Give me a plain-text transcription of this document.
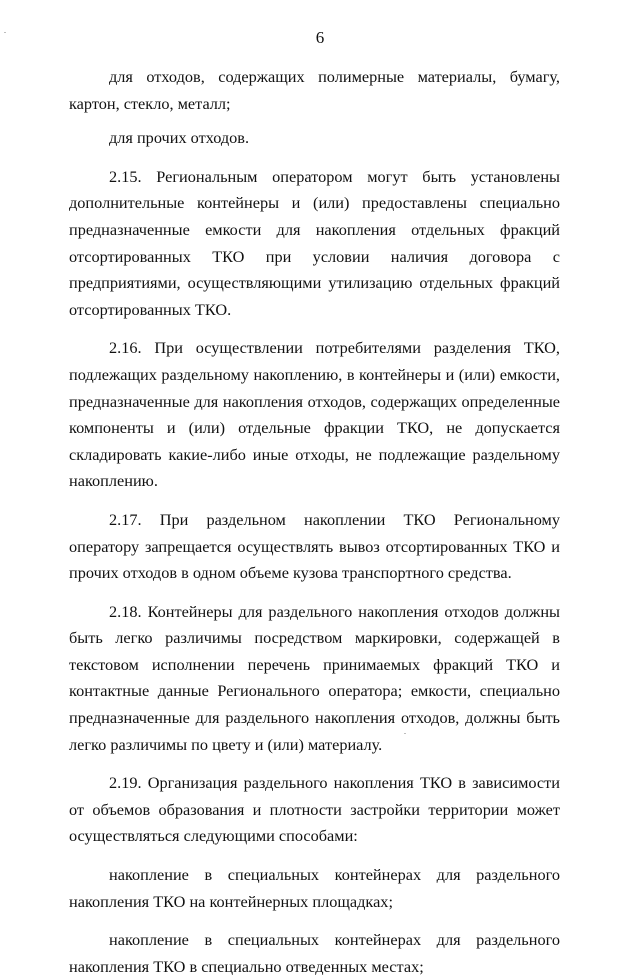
6

для отходов, содержащих полимерные материалы, бумагу, картон, стекло, металл;

для прочих отходов.

2.15. Региональным оператором могут быть установлены дополнительные контейнеры и (или) предоставлены специально предназначенные емкости для накопления отдельных фракций отсортированных ТКО при условии наличия договора с предприятиями, осуществляющими утилизацию отдельных фракций отсортированных ТКО.

2.16. При осуществлении потребителями разделения ТКО, подлежащих раздельному накоплению, в контейнеры и (или) емкости, предназначенные для накопления отходов, содержащих определенные компоненты и (или) отдельные фракции ТКО, не допускается складировать какие-либо иные отходы, не подлежащие раздельному накоплению.

2.17. При раздельном накоплении ТКО Региональному оператору запрещается осуществлять вывоз отсортированных ТКО и прочих отходов в одном объеме кузова транспортного средства.

2.18. Контейнеры для раздельного накопления отходов должны быть легко различимы посредством маркировки, содержащей в текстовом исполнении перечень принимаемых фракций ТКО и контактные данные Регионального оператора; емкости, специально предназначенные для раздельного накопления отходов, должны быть легко различимы по цвету и (или) материалу.

2.19. Организация раздельного накопления ТКО в зависимости от объемов образования и плотности застройки территории может осуществляться следующими способами:

накопление в специальных контейнерах для раздельного накопления ТКО на контейнерных площадках;

накопление в специальных контейнерах для раздельного накопления ТКО в специально отведенных местах;
